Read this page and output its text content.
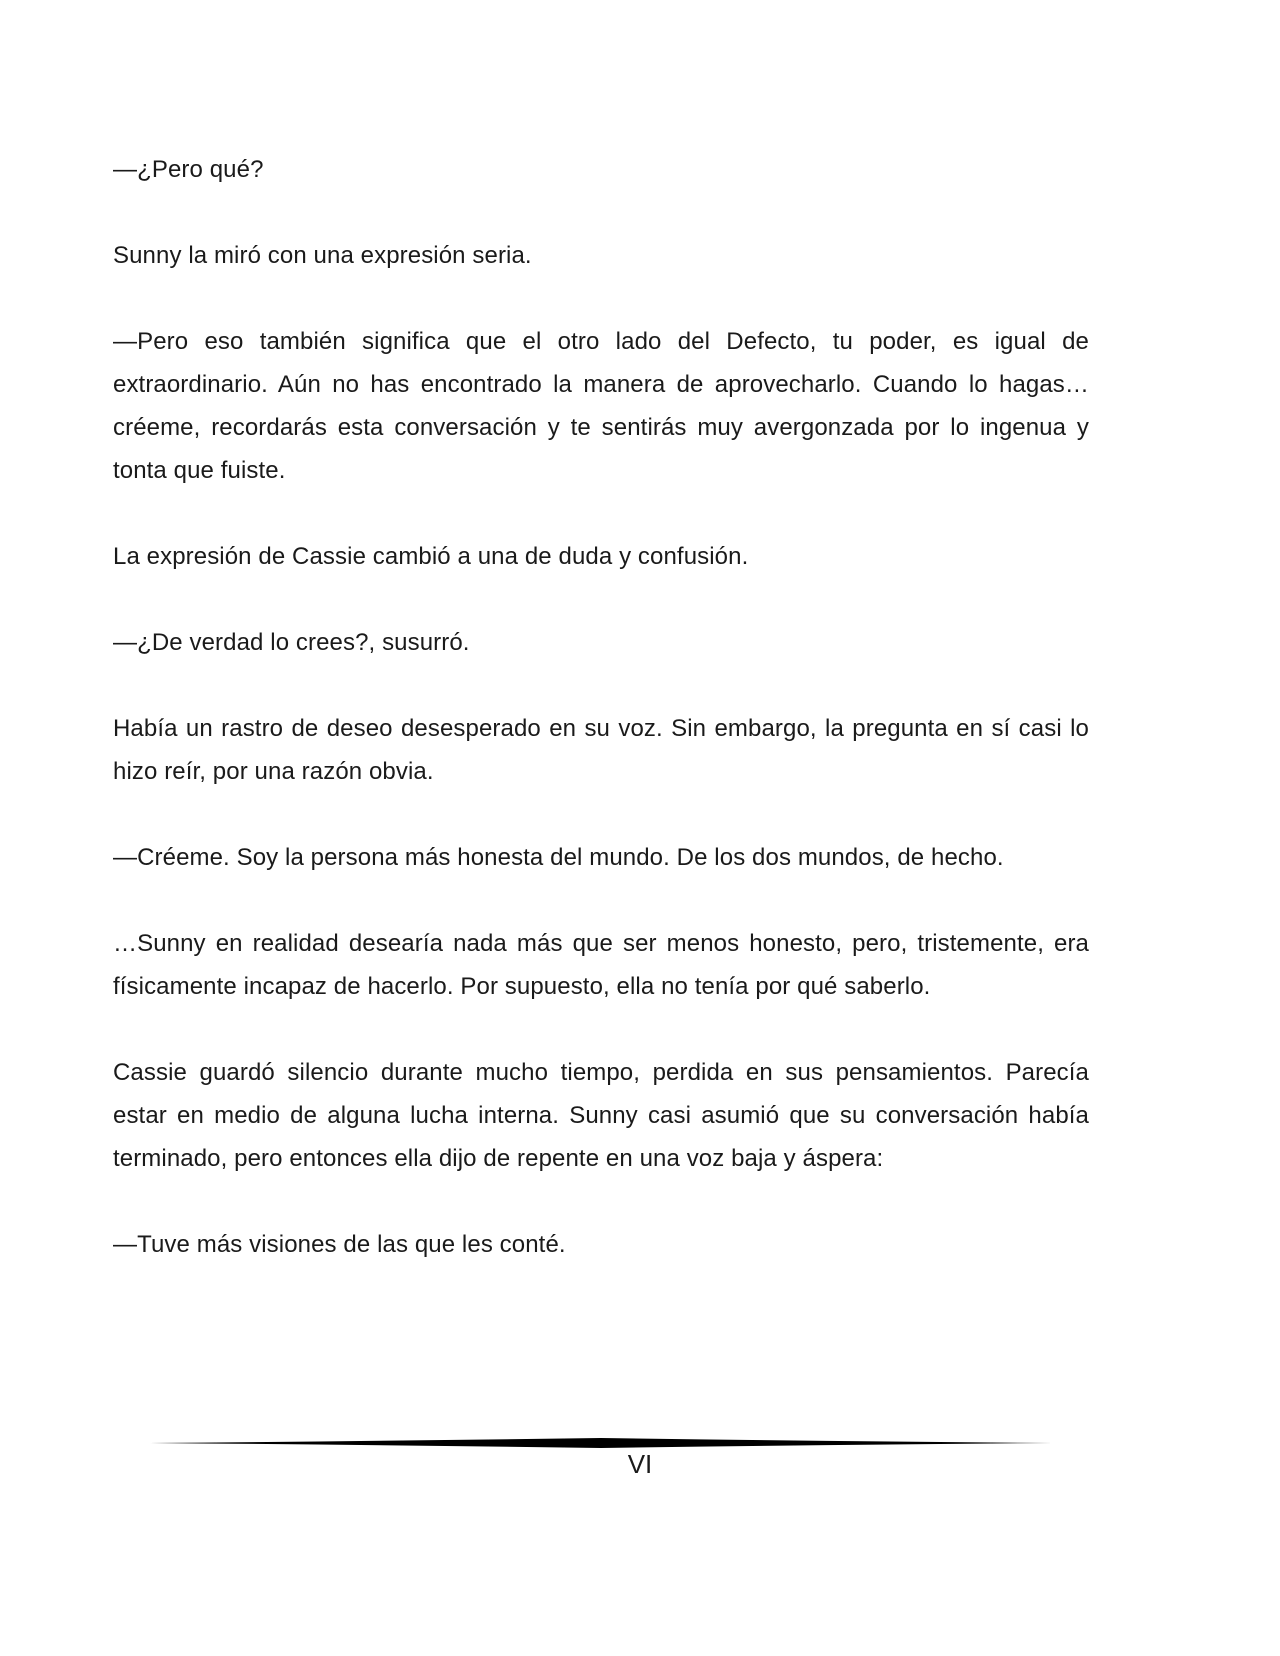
—¿Pero qué?

Sunny la miró con una expresión seria.

—Pero eso también significa que el otro lado del Defecto, tu poder, es igual de extraordinario. Aún no has encontrado la manera de aprovecharlo. Cuando lo hagas… créeme, recordarás esta conversación y te sentirás muy avergonzada por lo ingenua y tonta que fuiste.

La expresión de Cassie cambió a una de duda y confusión.

—¿De verdad lo crees?, susurró.

Había un rastro de deseo desesperado en su voz. Sin embargo, la pregunta en sí casi lo hizo reír, por una razón obvia.

—Créeme. Soy la persona más honesta del mundo. De los dos mundos, de hecho.

…Sunny en realidad desearía nada más que ser menos honesto, pero, tristemente, era físicamente incapaz de hacerlo. Por supuesto, ella no tenía por qué saberlo.

Cassie guardó silencio durante mucho tiempo, perdida en sus pensamientos. Parecía estar en medio de alguna lucha interna. Sunny casi asumió que su conversación había terminado, pero entonces ella dijo de repente en una voz baja y áspera:

—Tuve más visiones de las que les conté.

VI
